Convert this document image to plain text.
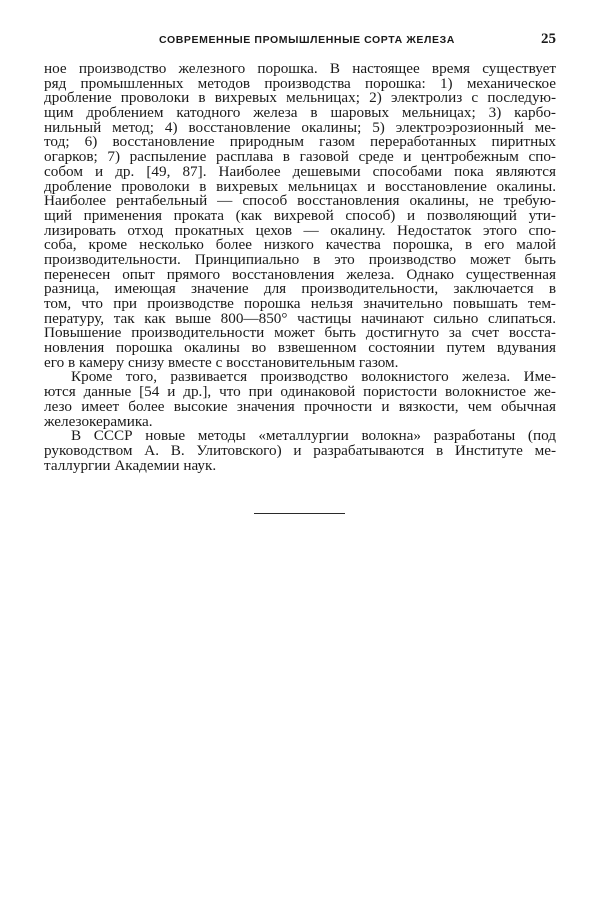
СОВРЕМЕННЫЕ ПРОМЫШЛЕННЫЕ СОРТА ЖЕЛЕЗА	25
ное производство железного порошка. В настоящее время существует
ряд промышленных методов производства порошка: 1) механическое
дробление проволоки в вихревых мельницах; 2) электролиз с последую-
щим дроблением катодного железа в шаровых мельницах; 3) карбо-
нильный метод; 4) восстановление окалины; 5) электроэрозионный ме-
тод; 6) восстановление природным газом переработанных пиритных
огарков; 7) распыление расплава в газовой среде и центробежным спо-
собом и др. [49, 87]. Наиболее дешевыми способами пока являются
дробление проволоки в вихревых мельницах и восстановление окалины.
Наиболее рентабельный — способ восстановления окалины, не требую-
щий применения проката (как вихревой способ) и позволяющий ути-
лизировать отход прокатных цехов — окалину. Недостаток этого спо-
соба, кроме несколько более низкого качества порошка, в его малой
производительности. Принципиально в это производство может быть
перенесен опыт прямого восстановления железа. Однако существенная
разница, имеющая значение для производительности, заключается в
том, что при производстве порошка нельзя значительно повышать тем-
пературу, так как выше 800—850° частицы начинают сильно слипаться.
Повышение производительности может быть достигнуто за счет восста-
новления порошка окалины во взвешенном состоянии путем вдувания
его в камеру снизу вместе с восстановительным газом.
Кроме того, развивается производство волокнистого железа. Име-
ются данные [54 и др.], что при одинаковой пористости волокнистое же-
лезо имеет более высокие значения прочности и вязкости, чем обычная
железокерамика.
В СССР новые методы «металлургии волокна» разработаны (под
руководством А. В. Улитовского) и разрабатываются в Институте ме-
таллургии Академии наук.
